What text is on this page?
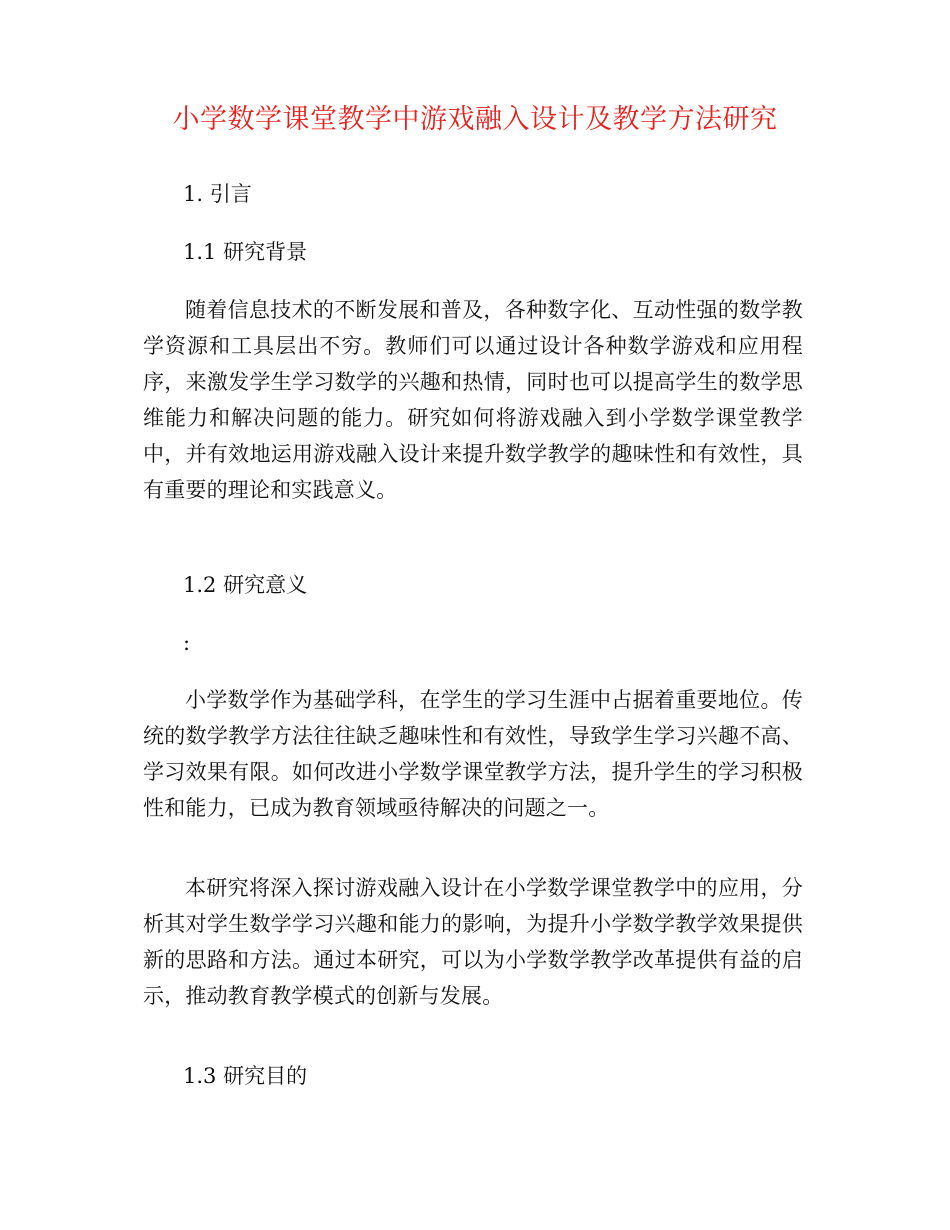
小学数学课堂教学中游戏融入设计及教学方法研究
1. 引言
1.1 研究背景
随着信息技术的不断发展和普及，各种数字化、互动性强的数学教学资源和工具层出不穷。教师们可以通过设计各种数学游戏和应用程序，来激发学生学习数学的兴趣和热情，同时也可以提高学生的数学思维能力和解决问题的能力。研究如何将游戏融入到小学数学课堂教学中，并有效地运用游戏融入设计来提升数学教学的趣味性和有效性，具有重要的理论和实践意义。
1.2 研究意义
:
小学数学作为基础学科，在学生的学习生涯中占据着重要地位。传统的数学教学方法往往缺乏趣味性和有效性，导致学生学习兴趣不高、学习效果有限。如何改进小学数学课堂教学方法，提升学生的学习积极性和能力，已成为教育领域亟待解决的问题之一。
本研究将深入探讨游戏融入设计在小学数学课堂教学中的应用，分析其对学生数学学习兴趣和能力的影响，为提升小学数学教学效果提供新的思路和方法。通过本研究，可以为小学数学教学改革提供有益的启示，推动教育教学模式的创新与发展。
1.3 研究目的
